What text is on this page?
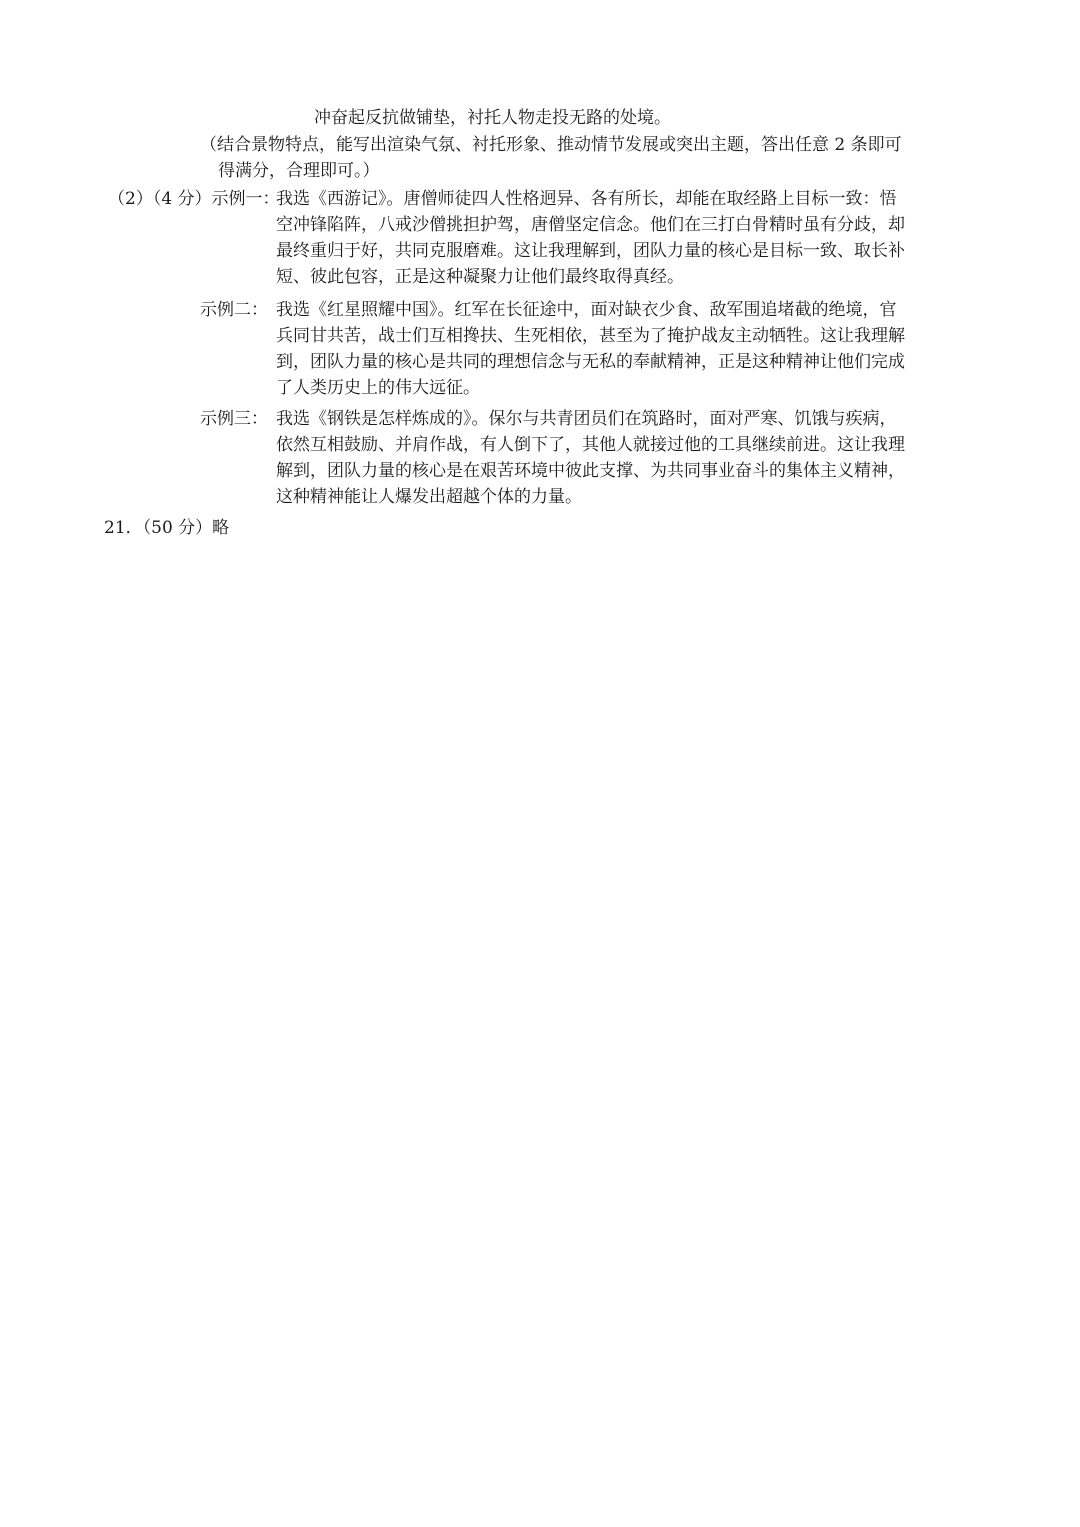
冲奋起反抗做铺垫，衬托人物走投无路的处境。

（结合景物特点，能写出渲染气氛、衬托形象、推动情节发展或突出主题，答出任意 2 条即可

得满分，合理即可。）

（2）（4 分）示例一：

我选《西游记》。唐僧师徒四人性格迥异、各有所长，却能在取经路上目标一致：悟
空冲锋陷阵，八戒沙僧挑担护驾，唐僧坚定信念。他们在三打白骨精时虽有分歧，却
最终重归于好，共同克服磨难。这让我理解到，团队力量的核心是目标一致、取长补
短、彼此包容，正是这种凝聚力让他们最终取得真经。

示例二： 我选《红星照耀中国》。红军在长征途中，面对缺衣少食、敌军围追堵截的绝境，官
兵同甘共苦，战士们互相搀扶、生死相依，甚至为了掩护战友主动牺牲。这让我理解
到，团队力量的核心是共同的理想信念与无私的奉献精神，正是这种精神让他们完成
了人类历史上的伟大远征。

示例三： 我选《钢铁是怎样炼成的》。保尔与共青团员们在筑路时，面对严寒、饥饿与疾病，
依然互相鼓励、并肩作战，有人倒下了，其他人就接过他的工具继续前进。这让我理
解到，团队力量的核心是在艰苦环境中彼此支撑、为共同事业奋斗的集体主义精神，
这种精神能让人爆发出超越个体的力量。

21．（50 分）略
